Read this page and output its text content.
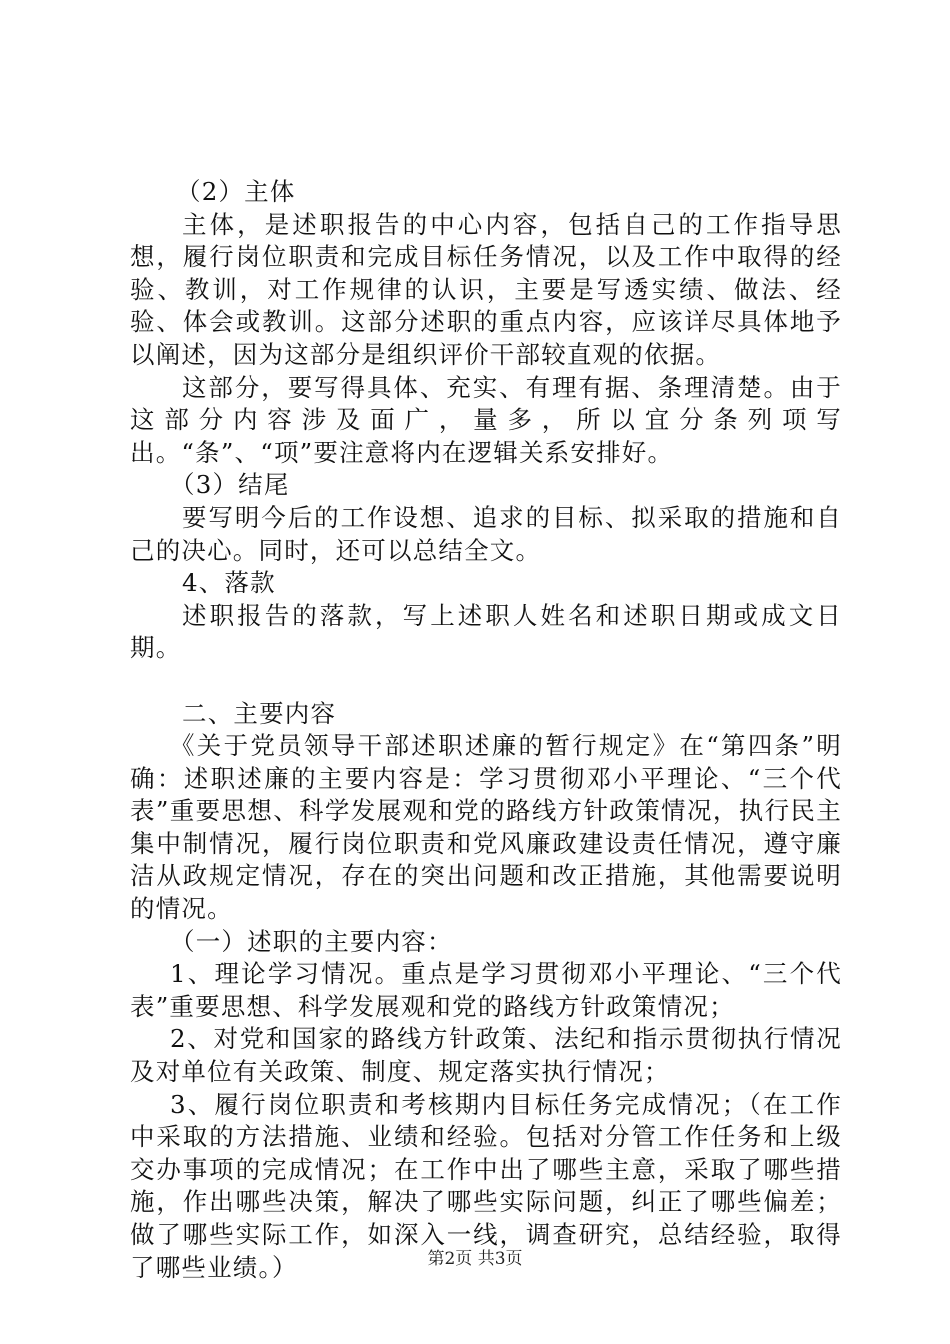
（2）主体

主体，是述职报告的中心内容，包括自己的工作指导思想，履行岗位职责和完成目标任务情况，以及工作中取得的经验、教训，对工作规律的认识，主要是写透实绩、做法、经验、体会或教训。这部分述职的重点内容，应该详尽具体地予以阐述，因为这部分是组织评价干部较直观的依据。

这部分，要写得具体、充实、有理有据、条理清楚。由于这部分内容涉及面广，量多，所以宜分条列项写出。“条”、“项”要注意将内在逻辑关系安排好。

（3）结尾

要写明今后的工作设想、追求的目标、拟采取的措施和自己的决心。同时，还可以总结全文。

4、落款

述职报告的落款，写上述职人姓名和述职日期或成文日期。

二、主要内容

《关于党员领导干部述职述廉的暂行规定》在“第四条”明确：述职述廉的主要内容是：学习贯彻邓小平理论、“三个代表”重要思想、科学发展观和党的路线方针政策情况，执行民主集中制情况，履行岗位职责和党风廉政建设责任情况，遵守廉洁从政规定情况，存在的突出问题和改正措施，其他需要说明的情况。

（一）述职的主要内容：

1、理论学习情况。重点是学习贯彻邓小平理论、“三个代表”重要思想、科学发展观和党的路线方针政策情况；

2、对党和国家的路线方针政策、法纪和指示贯彻执行情况及对单位有关政策、制度、规定落实执行情况；

3、履行岗位职责和考核期内目标任务完成情况；（在工作中采取的方法措施、业绩和经验。包括对分管工作任务和上级交办事项的完成情况；在工作中出了哪些主意，采取了哪些措施，作出哪些决策，解决了哪些实际问题，纠正了哪些偏差；做了哪些实际工作，如深入一线，调查研究，总结经验，取得了哪些业绩。）	第2页 共3页
